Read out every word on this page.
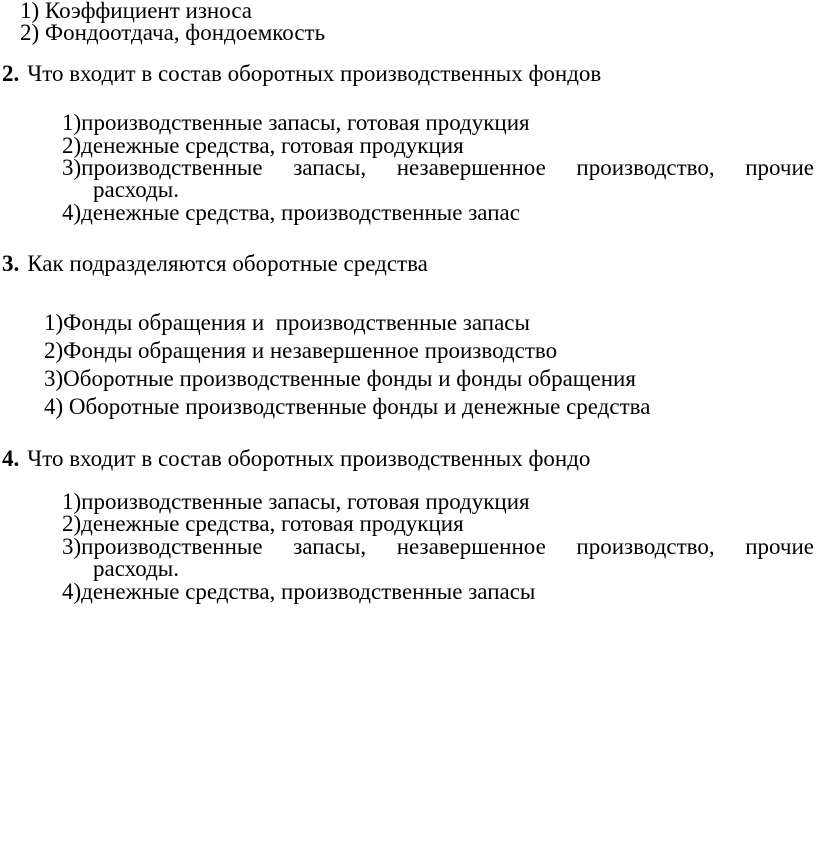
1) Коэффициент износа
2) Фондоотдача, фондоемкость
2. Что входит в состав оборотных производственных фондов
1)производственные запасы, готовая продукция
2)денежные средства, готовая продукция
3)производственные запасы, незавершенное производство, прочие
расходы.
4)денежные средства, производственные запас
3. Как подразделяются оборотные средства
1)Фонды обращения и  производственные запасы
2)Фонды обращения и незавершенное производство
3)Оборотные производственные фонды и фонды обращения
4) Оборотные производственные фонды и денежные средства
4. Что входит в состав оборотных производственных фондо
1)производственные запасы, готовая продукция
2)денежные средства, готовая продукция
3)производственные запасы, незавершенное производство, прочие
расходы.
4)денежные средства, производственные запасы
